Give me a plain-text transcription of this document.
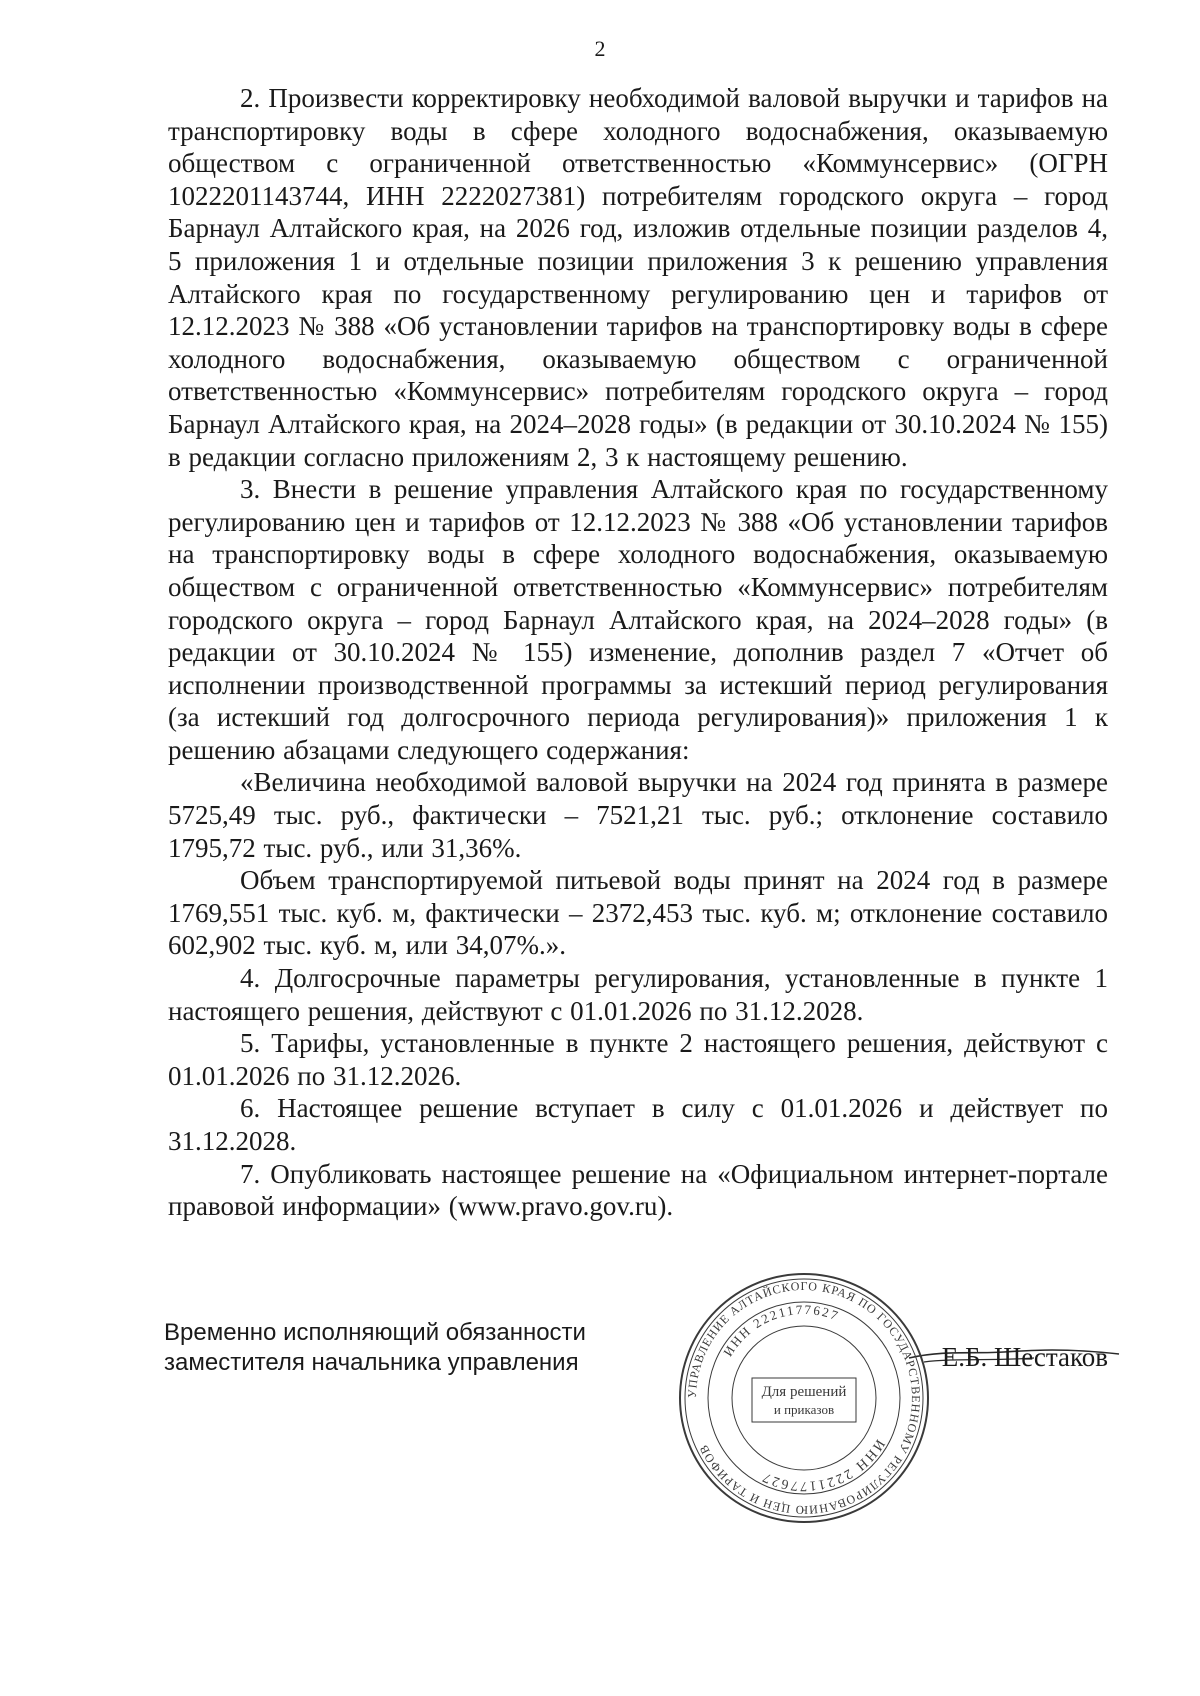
2

2. Произвести корректировку необходимой валовой выручки и тарифов на транспортировку воды в сфере холодного водоснабжения, оказываемую обществом с ограниченной ответственностью «Коммунсервис» (ОГРН 1022201143744, ИНН 2222027381) потребителям городского округа – город Барнаул Алтайского края, на 2026 год, изложив отдельные позиции разделов 4, 5 приложения 1 и отдельные позиции приложения 3 к решению управления Алтайского края по государственному регулированию цен и тарифов от 12.12.2023 № 388 «Об установлении тарифов на транспортировку воды в сфере холодного водоснабжения, оказываемую обществом с ограниченной ответственностью «Коммунсервис» потребителям городского округа – город Барнаул Алтайского края, на 2024–2028 годы» (в редакции от 30.10.2024 № 155) в редакции согласно приложениям 2, 3 к настоящему решению.

3. Внести в решение управления Алтайского края по государственному регулированию цен и тарифов от 12.12.2023 № 388 «Об установлении тарифов на транспортировку воды в сфере холодного водоснабжения, оказываемую обществом с ограниченной ответственностью «Коммунсервис» потребителям городского округа – город Барнаул Алтайского края, на 2024–2028 годы» (в редакции от 30.10.2024 № 155) изменение, дополнив раздел 7 «Отчет об исполнении производственной программы за истекший период регулирования (за истекший год долгосрочного периода регулирования)» приложения 1 к решению абзацами следующего содержания:

«Величина необходимой валовой выручки на 2024 год принята в размере 5725,49 тыс. руб., фактически – 7521,21 тыс. руб.; отклонение составило 1795,72 тыс. руб., или 31,36%.

Объем транспортируемой питьевой воды принят на 2024 год в размере 1769,551 тыс. куб. м, фактически – 2372,453 тыс. куб. м; отклонение составило 602,902 тыс. куб. м, или 34,07%.».

4. Долгосрочные параметры регулирования, установленные в пункте 1 настоящего решения, действуют с 01.01.2026 по 31.12.2028.

5. Тарифы, установленные в пункте 2 настоящего решения, действуют с 01.01.2026 по 31.12.2026.

6. Настоящее решение вступает в силу с 01.01.2026 и действует по 31.12.2028.

7. Опубликовать настоящее решение на «Официальном интернет-портале правовой информации» (www.pravo.gov.ru).

Временно исполняющий обязанности
заместителя начальника управления
УПРАВЛЕНИЕ АЛТАЙСКОГО КРАЯ ПО ГОСУДАРСТВЕННОМУ РЕГУЛИРОВАНИЮ ЦЕН И ТАРИФОВ
ИНН 2221177627
ИНН 2221177627
Для решений
и приказов
Е.Б. Шестаков
